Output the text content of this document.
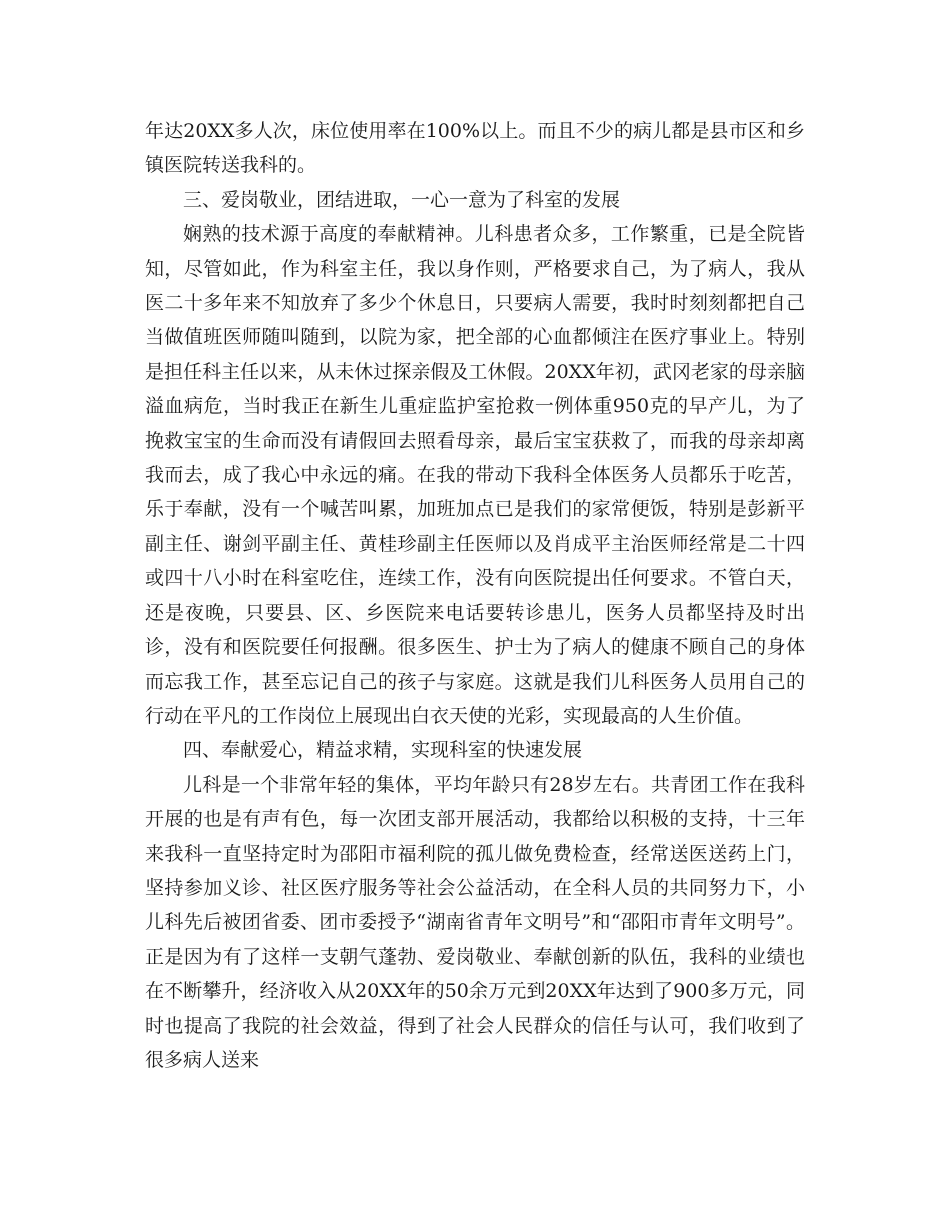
年达20XX多人次，床位使用率在100%以上。而且不少的病儿都是县市区和乡镇医院转送我科的。

三、爱岗敬业，团结进取，一心一意为了科室的发展

娴熟的技术源于高度的奉献精神。儿科患者众多，工作繁重，已是全院皆知，尽管如此，作为科室主任，我以身作则，严格要求自己，为了病人，我从医二十多年来不知放弃了多少个休息日，只要病人需要，我时时刻刻都把自己当做值班医师随叫随到，以院为家，把全部的心血都倾注在医疗事业上。特别是担任科主任以来，从未休过探亲假及工休假。20XX年初，武冈老家的母亲脑溢血病危，当时我正在新生儿重症监护室抢救一例体重950克的早产儿，为了挽救宝宝的生命而没有请假回去照看母亲，最后宝宝获救了，而我的母亲却离我而去，成了我心中永远的痛。在我的带动下我科全体医务人员都乐于吃苦，乐于奉献，没有一个喊苦叫累，加班加点已是我们的家常便饭，特别是彭新平副主任、谢剑平副主任、黄桂珍副主任医师以及肖成平主治医师经常是二十四或四十八小时在科室吃住，连续工作，没有向医院提出任何要求。不管白天，还是夜晚，只要县、区、乡医院来电话要转诊患儿，医务人员都坚持及时出诊，没有和医院要任何报酬。很多医生、护士为了病人的健康不顾自己的身体而忘我工作，甚至忘记自己的孩子与家庭。这就是我们儿科医务人员用自己的行动在平凡的工作岗位上展现出白衣天使的光彩，实现最高的人生价值。

四、奉献爱心，精益求精，实现科室的快速发展

儿科是一个非常年轻的集体，平均年龄只有28岁左右。共青团工作在我科开展的也是有声有色，每一次团支部开展活动，我都给以积极的支持，十三年来我科一直坚持定时为邵阳市福利院的孤儿做免费检查，经常送医送药上门，坚持参加义诊、社区医疗服务等社会公益活动，在全科人员的共同努力下，小儿科先后被团省委、团市委授予“湖南省青年文明号”和“邵阳市青年文明号”。正是因为有了这样一支朝气蓬勃、爱岗敬业、奉献创新的队伍，我科的业绩也在不断攀升，经济收入从20XX年的50余万元到20XX年达到了900多万元，同时也提高了我院的社会效益，得到了社会人民群众的信任与认可，我们收到了很多病人送来
